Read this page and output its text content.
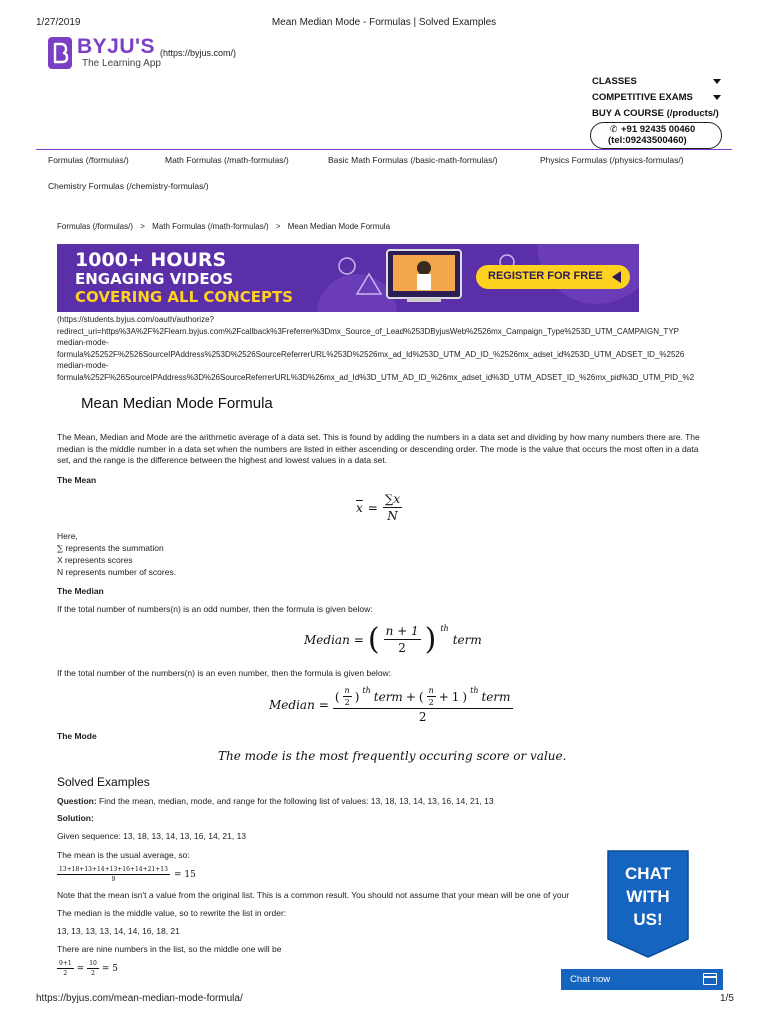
1/27/2019	Mean Median Mode - Formulas | Solved Examples
BYJU'S (https://byjus.com/)
The Learning App
CLASSES
COMPETITIVE EXAMS
BUY A COURSE (/products/)
✆ +91 92435 00460
(tel:09243500460)
Formulas (/formulas/)	Math Formulas (/math-formulas/)	Basic Math Formulas (/basic-math-formulas/)	Physics Formulas (/physics-formulas/)
Chemistry Formulas (/chemistry-formulas/)
Formulas (/formulas/) > Math Formulas (/math-formulas/) > Mean Median Mode Formula
1000+ HOURS
ENGAGING VIDEOS
COVERING ALL CONCEPTS
REGISTER FOR FREE
(https://students.byjus.com/oauth/authorize?
redirect_uri=https%3A%2F%2Flearn.byjus.com%2Fcallback%3Freferrer%3Dmx_Source_of_Lead%253DByjusWeb%2526mx_Campaign_Type%253D_UTM_CAMPAIGN_TYP
median-mode-
formula%25252F%2526SourceIPAddress%253D%2526SourceReferrerURL%253D%2526mx_ad_Id%253D_UTM_AD_ID_%2526mx_adset_id%253D_UTM_ADSET_ID_%2526
median-mode-
formula%252F%26SourceIPAddress%3D%26SourceReferrerURL%3D%26mx_ad_Id%3D_UTM_AD_ID_%26mx_adset_id%3D_UTM_ADSET_ID_%26mx_pid%3D_UTM_PID_%2
Mean Median Mode Formula
The Mean, Median and Mode are the arithmetic average of a data set. This is found by adding the numbers in a data set and dividing by how many numbers there are. The median is the middle number in a data set when the numbers are listed in either ascending or descending order. The mode is the value that occurs the most often in a data set, and the range is the difference between the highest and lowest values in a data set.
The Mean
$\overline{x} = \frac{\sum x}{N}$
Here,
∑ represents the summation
X represents scores
N represents number of scores.
The Median
If the total number of numbers(n) is an odd number, then the formula is given below:
Median = ( $\frac{n + 1}{2}$ ) th
term
If the total number of the numbers(n) is an even number, then the formula is given below:
Median =
( $\frac{n}{2}$ ) th term + ( $\frac{n}{2} + 1$ ) th term
2
The Mode
The mode is the most frequently occuring score or value.
Solved Examples
Question: Find the mean, median, mode, and range for the following list of values: 13, 18, 13, 14, 13, 16, 14, 21, 13
Solution:
Given sequence: 13, 18, 13, 14, 13, 16, 14, 21, 13
The mean is the usual average, so:
$\frac{13+18+13+14+13+16+14+21+13}{9} = 15$
Note that the mean isn't a value from the original list. This is a common result. You should not assume that your mean will be one of your
The median is the middle value, so to rewrite the list in order:
13, 13, 13, 13, 14, 14, 16, 18, 21
There are nine numbers in the list, so the middle one will be
$\frac{9+1}{2} = \frac{10}{2} = 5$
CHAT
WITH
US!
Chat now
https://byjus.com/mean-median-mode-formula/	1/5
